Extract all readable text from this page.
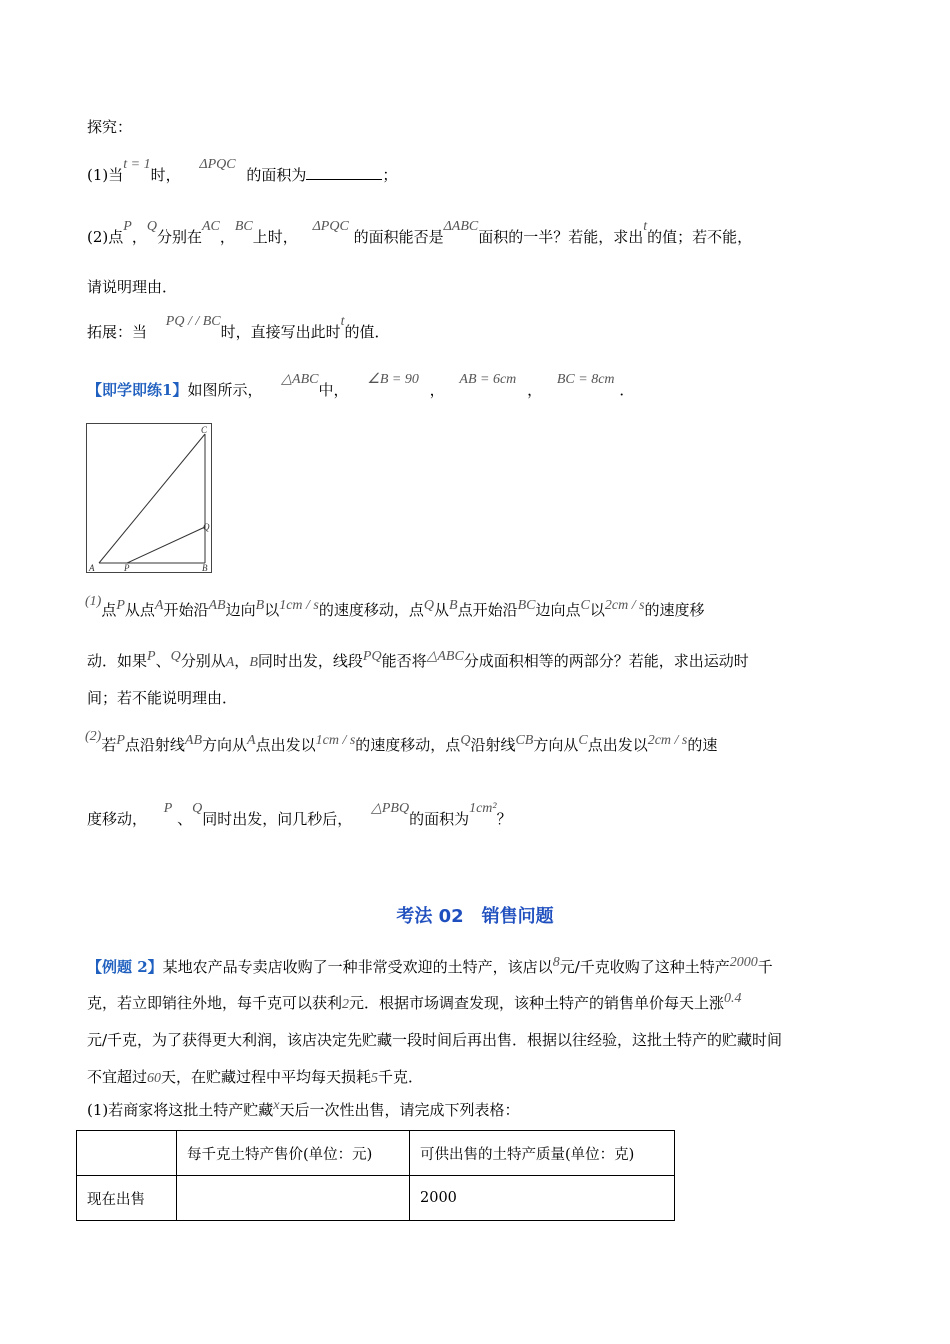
探究：
(1)当t = 1时， ΔPQC 的面积为	；
(2)点P，Q分别在AC，BC上时， ΔPQC 的面积能否是ΔABC面积的一半？若能，求出t的值；若不能，
请说明理由．
拓展：当 PQ / / BC时，直接写出此时t的值．
【即学即练1】如图所示， △ABC中， ∠B = 90 ， AB = 6cm ， BC = 8cm ．
A	P	B
Q
C
(1)点P从点A开始沿AB边向B以1cm / s的速度移动，点Q从B点开始沿BC边向点C以2cm / s的速度移
动．如果P、Q分别从A，B同时出发，线段PQ能否将△ABC分成面积相等的两部分？若能，求出运动时
间；若不能说明理由．
(2)若P点沿射线AB方向从A点出发以1cm / s的速度移动，点Q沿射线CB方向从C点出发以2cm / s的速
度移动， P 、Q同时出发，问几秒后， △PBQ的面积为1cm²？
考法 02　销售问题
【例题 2】某地农产品专卖店收购了一种非常受欢迎的土特产，该店以8元/千克收购了这种土特产2000千
克，若立即销往外地，每千克可以获利2元．根据市场调查发现，该种土特产的销售单价每天上涨0.4
元/千克，为了获得更大利润，该店决定先贮藏一段时间后再出售．根据以往经验，这批土特产的贮藏时间
不宜超过60天，在贮藏过程中平均每天损耗5千克．
(1)若商家将这批土特产贮藏x天后一次性出售，请完成下列表格：
	每千克土特产售价(单位：元)	可供出售的土特产质量(单位：克)
现在出售		2000
